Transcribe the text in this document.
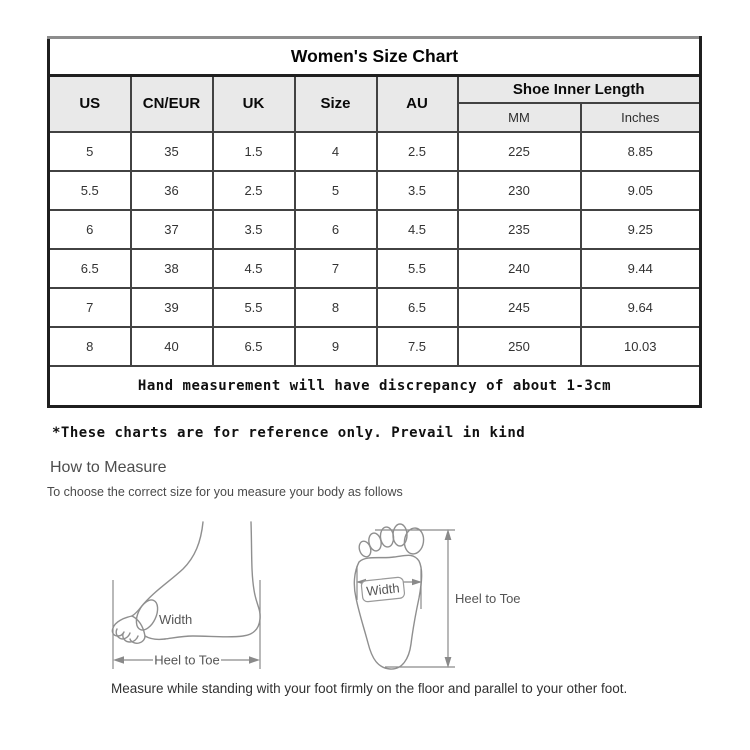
Women's Size Chart						
US	CN/EUR	UK	Size	AU	Shoe Inner Length	
					MM	Inches
5	35	1.5	4	2.5	225	8.85
5.5	36	2.5	5	3.5	230	9.05
6	37	3.5	6	4.5	235	9.25
6.5	38	4.5	7	5.5	240	9.44
7	39	5.5	8	6.5	245	9.64
8	40	6.5	9	7.5	250	10.03
Hand measurement will have discrepancy of about 1-3cm						
*These charts are for reference only. Prevail in kind
How to Measure
To choose the correct size for you measure your body as follows
Heel to Toe
Width
Heel to Toe
Width
Measure while standing with your foot firmly on the floor and parallel to your other foot.
